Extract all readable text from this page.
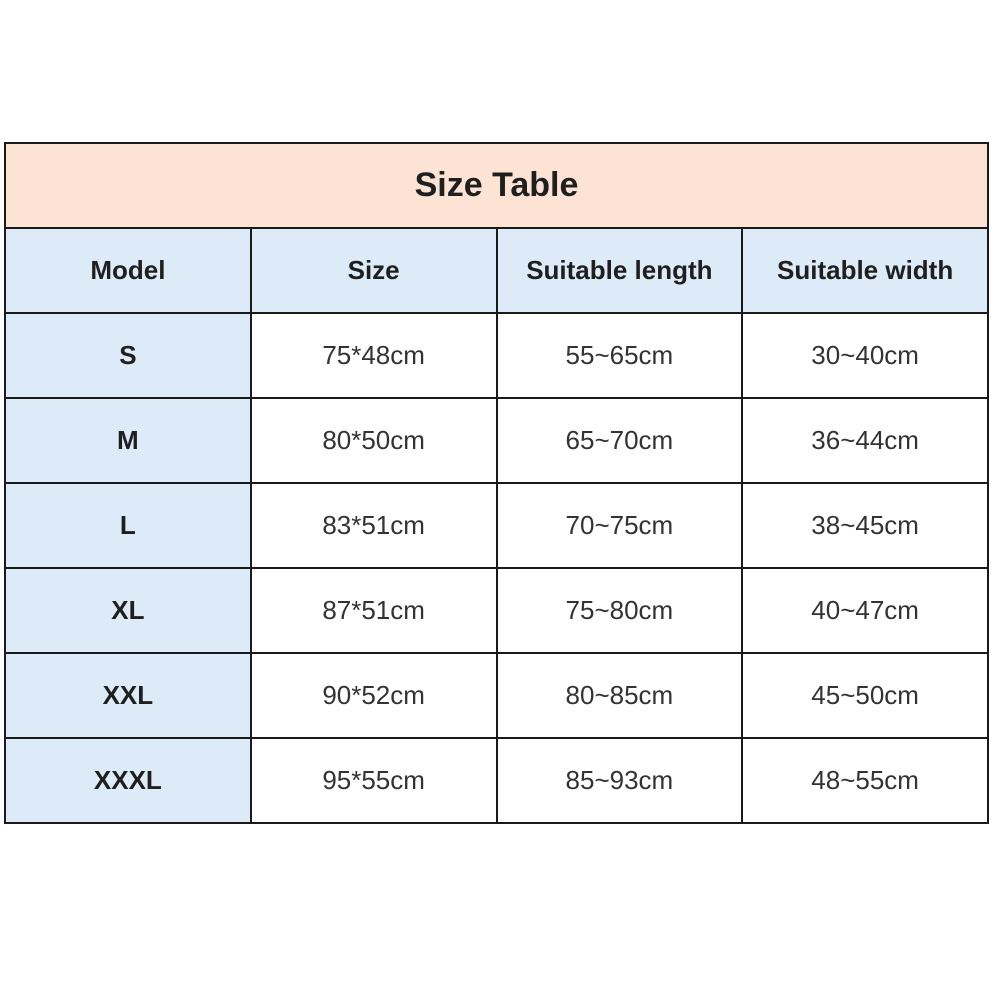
Size Table			
Model	Size	Suitable length	Suitable width
S	75*48cm	55~65cm	30~40cm
M	80*50cm	65~70cm	36~44cm
L	83*51cm	70~75cm	38~45cm
XL	87*51cm	75~80cm	40~47cm
XXL	90*52cm	80~85cm	45~50cm
XXXL	95*55cm	85~93cm	48~55cm
